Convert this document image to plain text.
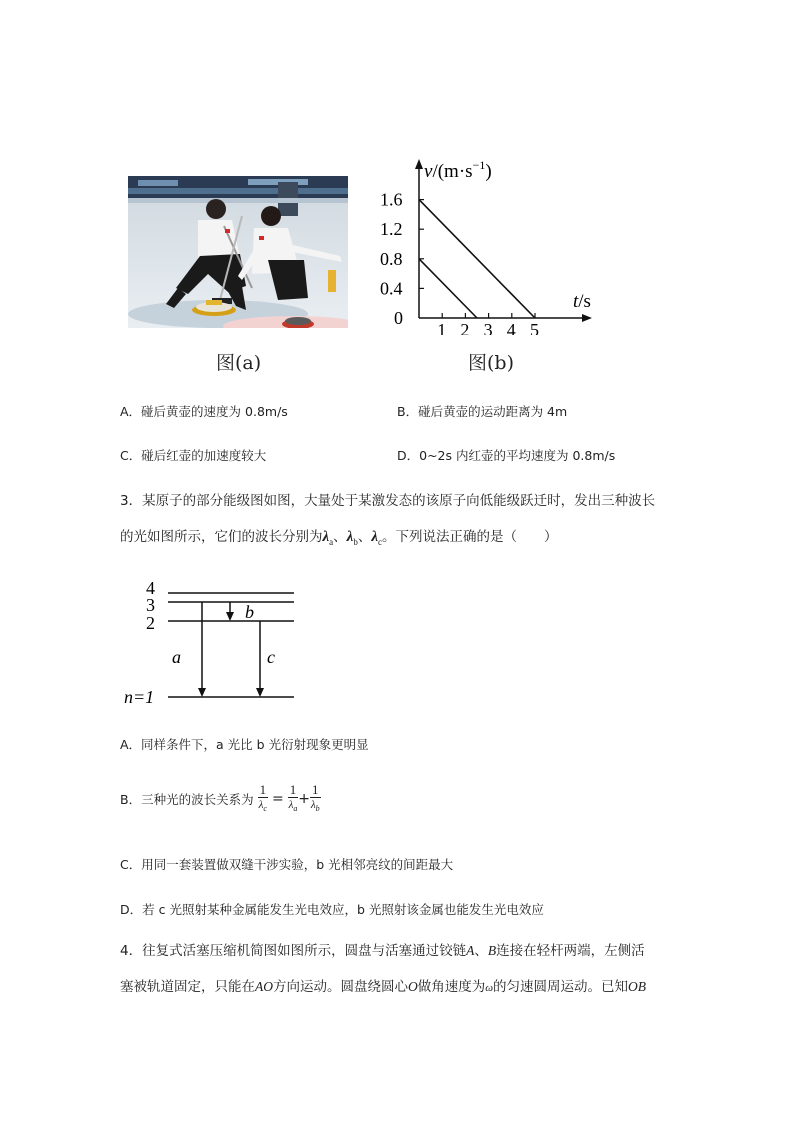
图(a)
1.6
1.2
0.8
0.4
1 2 3 4 5
0
$v/(m\cdot s^{-1})$
t/s
图(b)
A．碰后黄壶的速度为 0.8m/s	B．碰后黄壶的运动距离为 4m
C．碰后红壶的加速度较大	D．0~2s 内红壶的平均速度为 0.8m/s
3．某原子的部分能级图如图，大量处于某激发态的该原子向低能级跃迁时，发出三种波长
的光如图所示，它们的波长分别为$\lambda_a$、$\lambda_b$、$\lambda_c$。下列说法正确的是（　　）
4
3
2
n=1
a
b
c
A．同样条件下，a 光比 b 光衍射现象更明显
B．三种光的波长关系为 $\frac{1}{\lambda_c} = \frac{1}{\lambda_a} + \frac{1}{\lambda_b}$
C．用同一套装置做双缝干涉实验，b 光相邻亮纹的间距最大
D．若 c 光照射某种金属能发生光电效应，b 光照射该金属也能发生光电效应
4．往复式活塞压缩机简图如图所示，圆盘与活塞通过铰链A、B连接在轻杆两端，左侧活
塞被轨道固定，只能在AO方向运动。圆盘绕圆心O做角速度为ω的匀速圆周运动。已知OB
